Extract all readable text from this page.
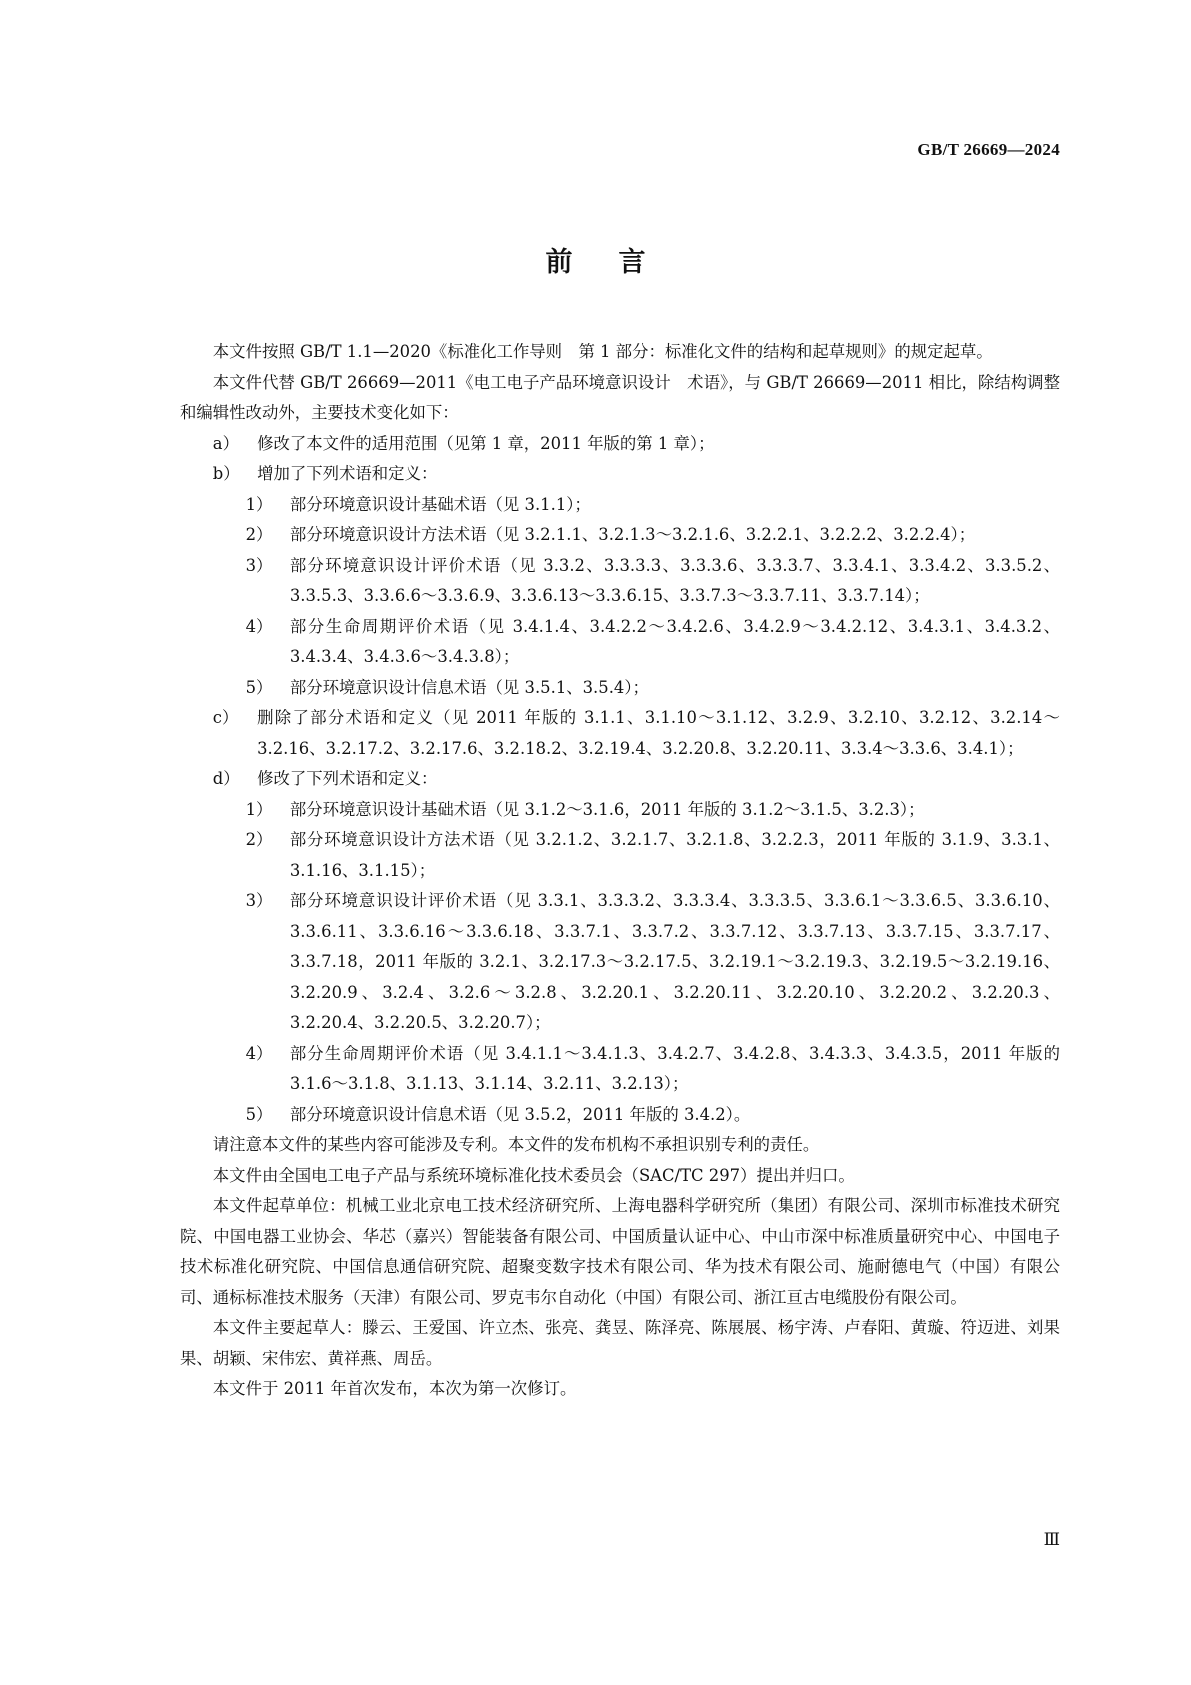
GB/T 26669—2024
前言

本文件按照 GB/T 1.1—2020《标准化工作导则　第 1 部分：标准化文件的结构和起草规则》的规定起草。

本文件代替 GB/T 26669—2011《电工电子产品环境意识设计　术语》，与 GB/T 26669—2011 相比，除结构调整和编辑性改动外，主要技术变化如下：

a）	修改了本文件的适用范围（见第 1 章，2011 年版的第 1 章）；
b）	增加了下列术语和定义：
1）	部分环境意识设计基础术语（见 3.1.1）；
2）	部分环境意识设计方法术语（见 3.2.1.1、3.2.1.3～3.2.1.6、3.2.2.1、3.2.2.2、3.2.2.4）；
3）	部分环境意识设计评价术语（见 3.3.2、3.3.3.3、3.3.3.6、3.3.3.7、3.3.4.1、3.3.4.2、3.3.5.2、3.3.5.3、3.3.6.6～3.3.6.9、3.3.6.13～3.3.6.15、3.3.7.3～3.3.7.11、3.3.7.14）；
4）	部分生命周期评价术语（见 3.4.1.4、3.4.2.2～3.4.2.6、3.4.2.9～3.4.2.12、3.4.3.1、3.4.3.2、3.4.3.4、3.4.3.6～3.4.3.8）；
5）	部分环境意识设计信息术语（见 3.5.1、3.5.4）；
c）	删除了部分术语和定义（见 2011 年版的 3.1.1、3.1.10～3.1.12、3.2.9、3.2.10、3.2.12、3.2.14～3.2.16、3.2.17.2、3.2.17.6、3.2.18.2、3.2.19.4、3.2.20.8、3.2.20.11、3.3.4～3.3.6、3.4.1）；
d）	修改了下列术语和定义：
1）	部分环境意识设计基础术语（见 3.1.2～3.1.6，2011 年版的 3.1.2～3.1.5、3.2.3）；
2）	部分环境意识设计方法术语（见 3.2.1.2、3.2.1.7、3.2.1.8、3.2.2.3，2011 年版的 3.1.9、3.3.1、3.1.16、3.1.15）；
3）	部分环境意识设计评价术语（见 3.3.1、3.3.3.2、3.3.3.4、3.3.3.5、3.3.6.1～3.3.6.5、3.3.6.10、3.3.6.11、3.3.6.16～3.3.6.18、3.3.7.1、3.3.7.2、3.3.7.12、3.3.7.13、3.3.7.15、3.3.7.17、3.3.7.18，2011 年版的 3.2.1、3.2.17.3～3.2.17.5、3.2.19.1～3.2.19.3、3.2.19.5～3.2.19.16、3.2.20.9、3.2.4、3.2.6～3.2.8、3.2.20.1、3.2.20.11、3.2.20.10、3.2.20.2、3.2.20.3、3.2.20.4、3.2.20.5、3.2.20.7）；
4）	部分生命周期评价术语（见 3.4.1.1～3.4.1.3、3.4.2.7、3.4.2.8、3.4.3.3、3.4.3.5，2011 年版的 3.1.6～3.1.8、3.1.13、3.1.14、3.2.11、3.2.13）；
5）	部分环境意识设计信息术语（见 3.5.2，2011 年版的 3.4.2）。

请注意本文件的某些内容可能涉及专利。本文件的发布机构不承担识别专利的责任。

本文件由全国电工电子产品与系统环境标准化技术委员会（SAC/TC 297）提出并归口。

本文件起草单位：机械工业北京电工技术经济研究所、上海电器科学研究所（集团）有限公司、深圳市标准技术研究院、中国电器工业协会、华芯（嘉兴）智能装备有限公司、中国质量认证中心、中山市深中标准质量研究中心、中国电子技术标准化研究院、中国信息通信研究院、超聚变数字技术有限公司、华为技术有限公司、施耐德电气（中国）有限公司、通标标准技术服务（天津）有限公司、罗克韦尔自动化（中国）有限公司、浙江亘古电缆股份有限公司。

本文件主要起草人：滕云、王爱国、许立杰、张亮、龚昱、陈泽亮、陈展展、杨宇涛、卢春阳、黄璇、符迈进、刘果果、胡颖、宋伟宏、黄祥燕、周岳。

本文件于 2011 年首次发布，本次为第一次修订。

Ⅲ
